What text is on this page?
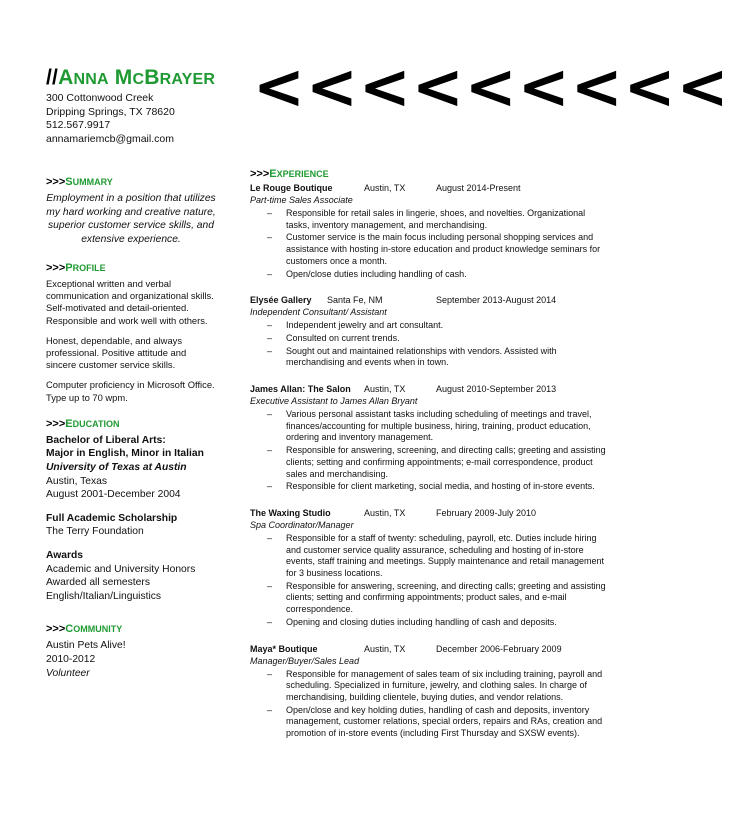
//ANNA MCBRAYER
300 Cottonwood Creek
Dripping Springs, TX 78620
512.567.9917
annamariemcb@gmail.com
>>>SUMMARY
Employment in a position that utilizes my hard working and creative nature, superior customer service skills, and extensive experience.
>>>PROFILE

Exceptional written and verbal communication and organizational skills. Self-motivated and detail-oriented. Responsible and work well with others.

Honest, dependable, and always professional. Positive attitude and sincere customer service skills.

Computer proficiency in Microsoft Office. Type up to 70 wpm.

>>>EDUCATION
Bachelor of Liberal Arts:
Major in English, Minor in Italian
University of Texas at Austin
Austin, Texas
August 2001-December 2004
Full Academic Scholarship
The Terry Foundation
Awards
Academic and University Honors
Awarded all semesters
English/Italian/Linguistics
>>>COMMUNITY
Austin Pets Alive!
2010-2012
Volunteer
<<<<<<<<<
>>>EXPERIENCE
Le Rouge Boutique	Austin, TX	August 2014-Present
Part-time Sales Associate
– Responsible for retail sales in lingerie, shoes, and novelties. Organizational tasks, inventory management, and merchandising.
– Customer service is the main focus including personal shopping services and assistance with hosting in-store education and product knowledge seminars for customers once a month.
– Open/close duties including handling of cash.
Elysée Gallery Santa Fe, NM	September 2013-August 2014
Independent Consultant/ Assistant
– Independent jewelry and art consultant.
– Consulted on current trends.
– Sought out and maintained relationships with vendors. Assisted with merchandising and events when in town.
James Allan: The Salon Austin, TX	August 2010-September 2013
Executive Assistant to James Allan Bryant
– Various personal assistant tasks including scheduling of meetings and travel, finances/accounting for multiple business, hiring, training, product education, ordering and inventory management.
– Responsible for answering, screening, and directing calls; greeting and assisting clients; setting and confirming appointments; e-mail correspondence, product sales and merchandising.
– Responsible for client marketing, social media, and hosting of in-store events.
The Waxing Studio	Austin, TX	February 2009-July 2010
Spa Coordinator/Manager
– Responsible for a staff of twenty: scheduling, payroll, etc. Duties include hiring and customer service quality assurance, scheduling and hosting of in-store events, staff training and meetings. Supply maintenance and retail management for 3 business locations.
– Responsible for answering, screening, and directing calls; greeting and assisting clients; setting and confirming appointments; product sales, and e-mail correspondence.
– Opening and closing duties including handling of cash and deposits.
Maya* Boutique	Austin, TX	December 2006-February 2009
Manager/Buyer/Sales Lead
– Responsible for management of sales team of six including training, payroll and scheduling. Specialized in furniture, jewelry, and clothing sales. In charge of merchandising, building clientele, buying duties, and vendor relations.
– Open/close and key holding duties, handling of cash and deposits, inventory management, customer relations, special orders, repairs and RAs, creation and promotion of in-store events (including First Thursday and SXSW events).
